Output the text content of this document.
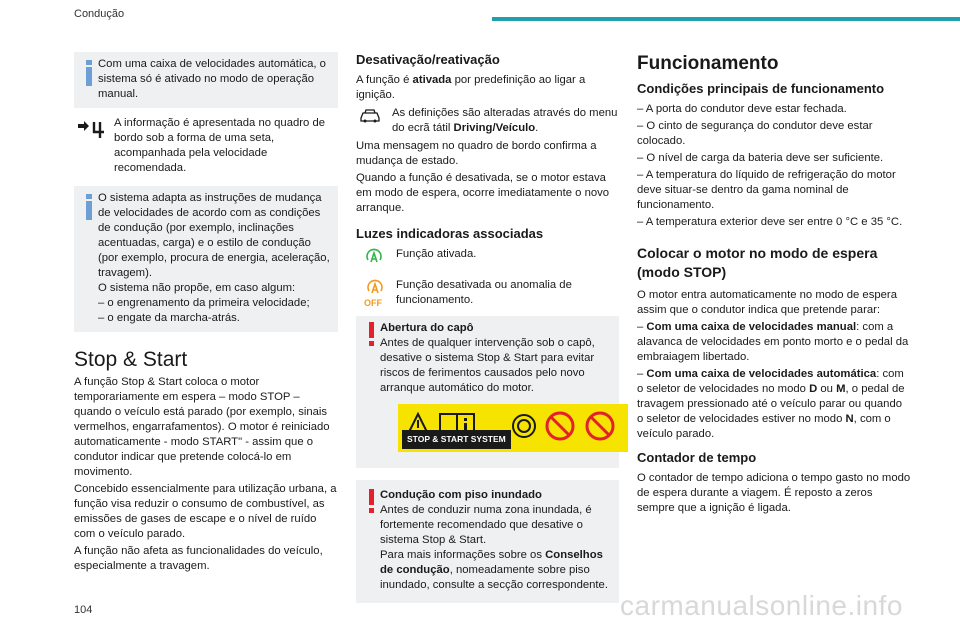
Condução

Com uma caixa de velocidades automática, o sistema só é ativado no modo de operação manual.

A informação é apresentada no quadro de bordo sob a forma de uma seta, acompanhada pela velocidade recomendada.

O sistema adapta as instruções de mudança de velocidades de acordo com as condições de condução (por exemplo, inclinações acentuadas, carga) e o estilo de condução (por exemplo, procura de energia, aceleração, travagem).

O sistema não propõe, em caso algum:

– o engrenamento da primeira velocidade;

– o engate da marcha-atrás.

Stop & Start

A função Stop & Start coloca o motor temporariamente em espera – modo STOP – quando o veículo está parado (por exemplo, sinais vermelhos, engarrafamentos). O motor é reiniciado automaticamente - modo START" - assim que o condutor indicar que pretende colocá-lo em movimento.

Concebido essencialmente para utilização urbana, a função visa reduzir o consumo de combustível, as emissões de gases de escape e o nível de ruído com o veículo parado.

A função não afeta as funcionalidades do veículo, especialmente a travagem.

Desativação/reativação

A função é ativada por predefinição ao ligar a ignição.

As definições são alteradas através do menu do ecrã tátil Driving/Veículo.

Uma mensagem no quadro de bordo confirma a mudança de estado.

Quando a função é desativada, se o motor estava em modo de espera, ocorre imediatamente o novo arranque.

Luzes indicadoras associadas

Função ativada.

OFF

Função desativada ou anomalia de funcionamento.

Abertura do capô

Antes de qualquer intervenção sob o capô, desative o sistema Stop & Start para evitar riscos de ferimentos causados pelo novo arranque automático do motor.

STOP & START SYSTEM

Condução com piso inundado

Antes de conduzir numa zona inundada, é fortemente recomendado que desative o sistema Stop & Start.

Para mais informações sobre os Conselhos de condução, nomeadamente sobre piso inundado, consulte a secção correspondente.

Funcionamento
Condições principais de funcionamento

– A porta do condutor deve estar fechada.

– O cinto de segurança do condutor deve estar colocado.

– O nível de carga da bateria deve ser suficiente.

– A temperatura do líquido de refrigeração do motor deve situar-se dentro da gama nominal de funcionamento.

– A temperatura exterior deve ser entre 0 °C e 35 °C.

Colocar o motor no modo de espera (modo STOP)

O motor entra automaticamente no modo de espera assim que o condutor indica que pretende parar:

– Com uma caixa de velocidades manual: com a alavanca de velocidades em ponto morto e o pedal da embraiagem libertado.

– Com uma caixa de velocidades automática: com o seletor de velocidades no modo D ou M, o pedal de travagem pressionado até o veículo parar ou quando o seletor de velocidades estiver no modo N, com o veículo parado.

Contador de tempo

O contador de tempo adiciona o tempo gasto no modo de espera durante a viagem. É reposto a zeros sempre que a ignição é ligada.

104	carmanualsonline.info
